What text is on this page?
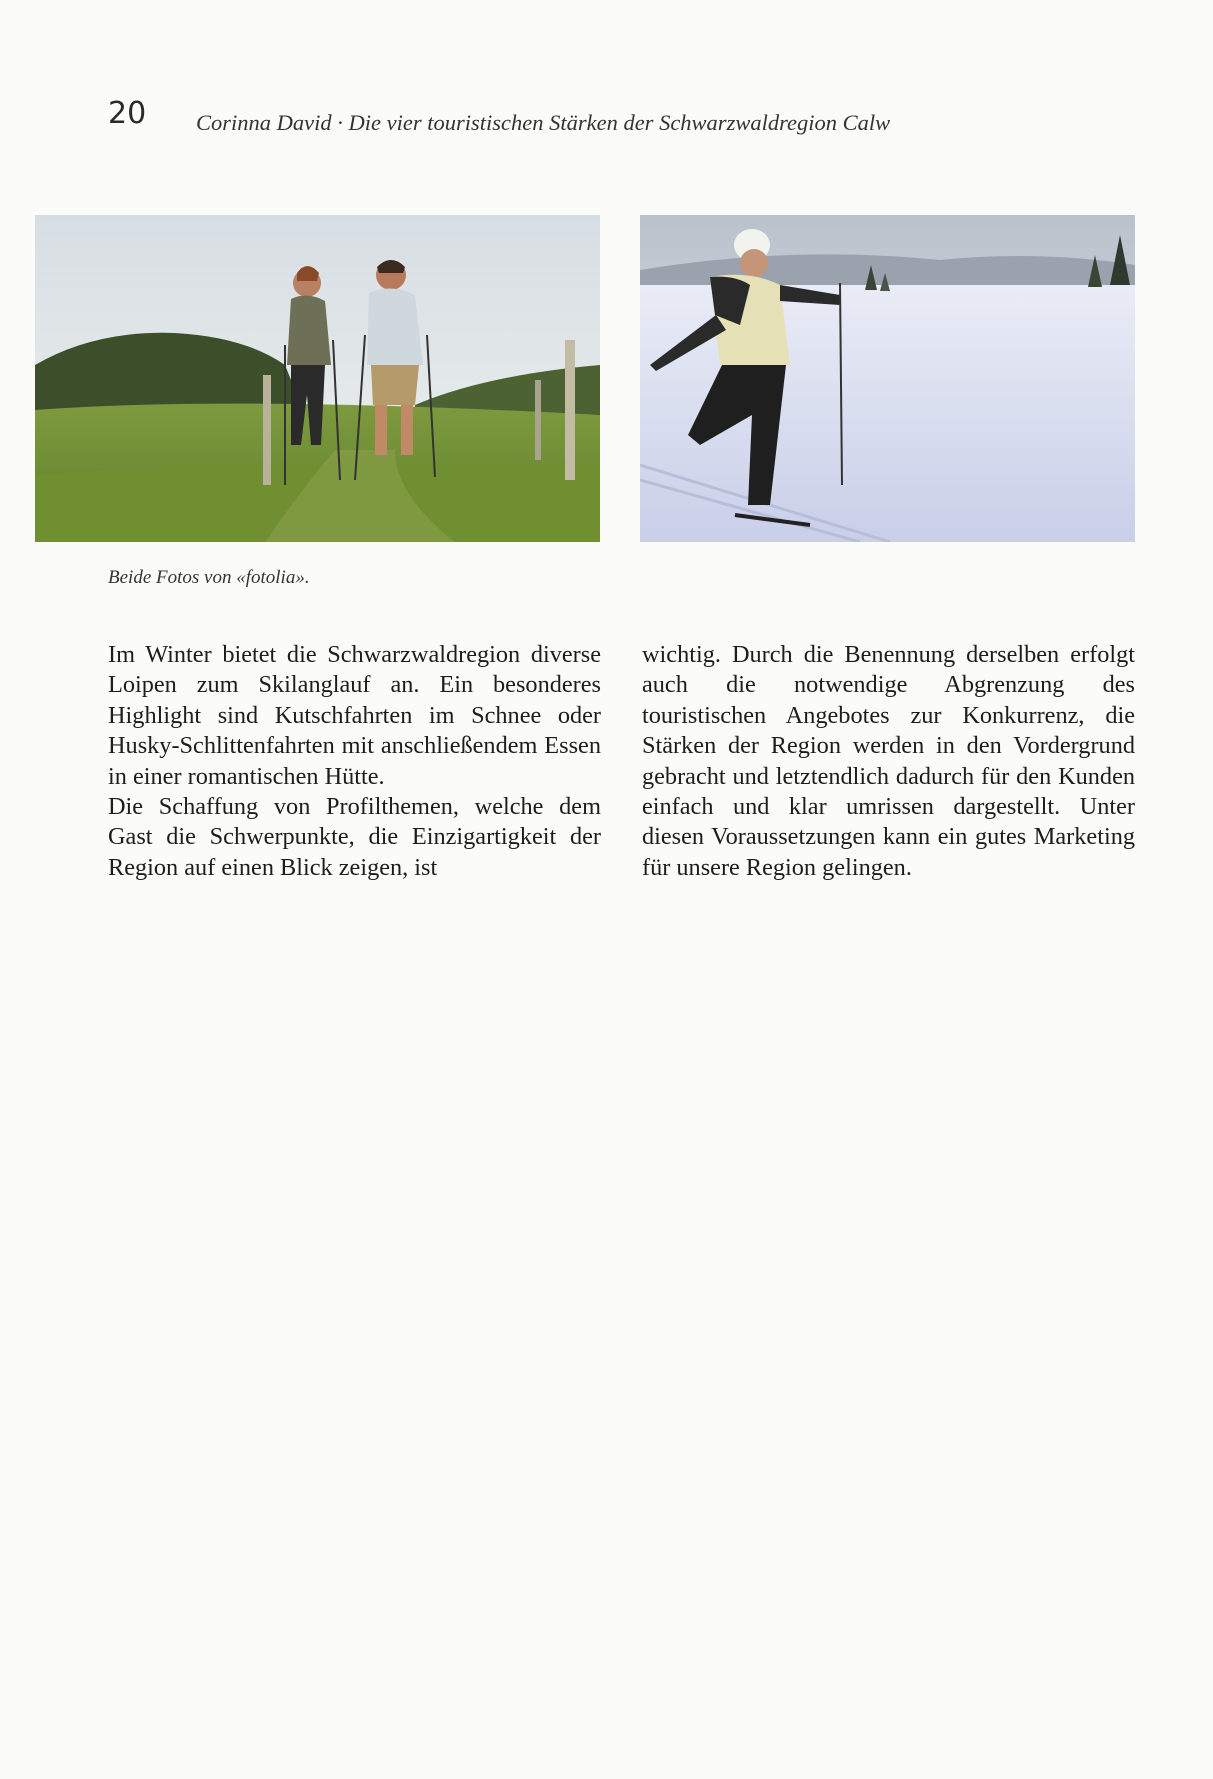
20 Corinna David · Die vier touristischen Stärken der Schwarzwaldregion Calw
Beide Fotos von «fotolia».

Im Winter bietet die Schwarzwaldregion diverse Loipen zum Skilanglauf an. Ein besonderes Highlight sind Kutschfahrten im Schnee oder Husky-Schlittenfahrten mit anschließendem Essen in einer romantischen Hütte.

Die Schaffung von Profilthemen, welche dem Gast die Schwerpunkte, die Einzigartigkeit der Region auf einen Blick zeigen, ist

wichtig. Durch die Benennung derselben erfolgt auch die notwendige Abgrenzung des touristischen Angebotes zur Konkurrenz, die Stärken der Region werden in den Vordergrund gebracht und letztendlich dadurch für den Kunden einfach und klar umrissen dargestellt. Unter diesen Voraussetzungen kann ein gutes Marketing für unsere Region gelingen.
